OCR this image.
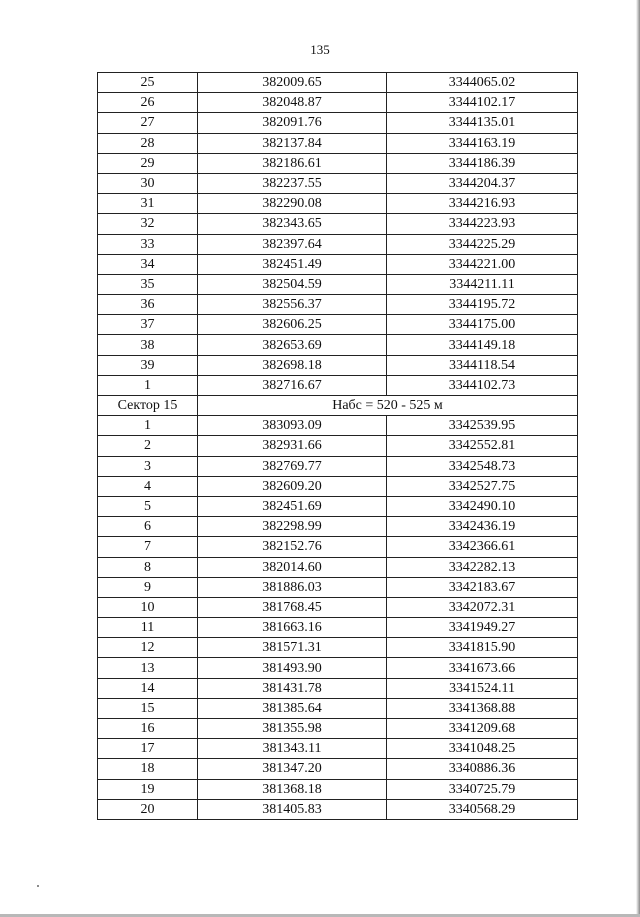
135
25	382009.65	3344065.02
26	382048.87	3344102.17
27	382091.76	3344135.01
28	382137.84	3344163.19
29	382186.61	3344186.39
30	382237.55	3344204.37
31	382290.08	3344216.93
32	382343.65	3344223.93
33	382397.64	3344225.29
34	382451.49	3344221.00
35	382504.59	3344211.11
36	382556.37	3344195.72
37	382606.25	3344175.00
38	382653.69	3344149.18
39	382698.18	3344118.54
1	382716.67	3344102.73
Сектор 15	Набс = 520 - 525 м	
1	383093.09	3342539.95
2	382931.66	3342552.81
3	382769.77	3342548.73
4	382609.20	3342527.75
5	382451.69	3342490.10
6	382298.99	3342436.19
7	382152.76	3342366.61
8	382014.60	3342282.13
9	381886.03	3342183.67
10	381768.45	3342072.31
11	381663.16	3341949.27
12	381571.31	3341815.90
13	381493.90	3341673.66
14	381431.78	3341524.11
15	381385.64	3341368.88
16	381355.98	3341209.68
17	381343.11	3341048.25
18	381347.20	3340886.36
19	381368.18	3340725.79
20	381405.83	3340568.29
